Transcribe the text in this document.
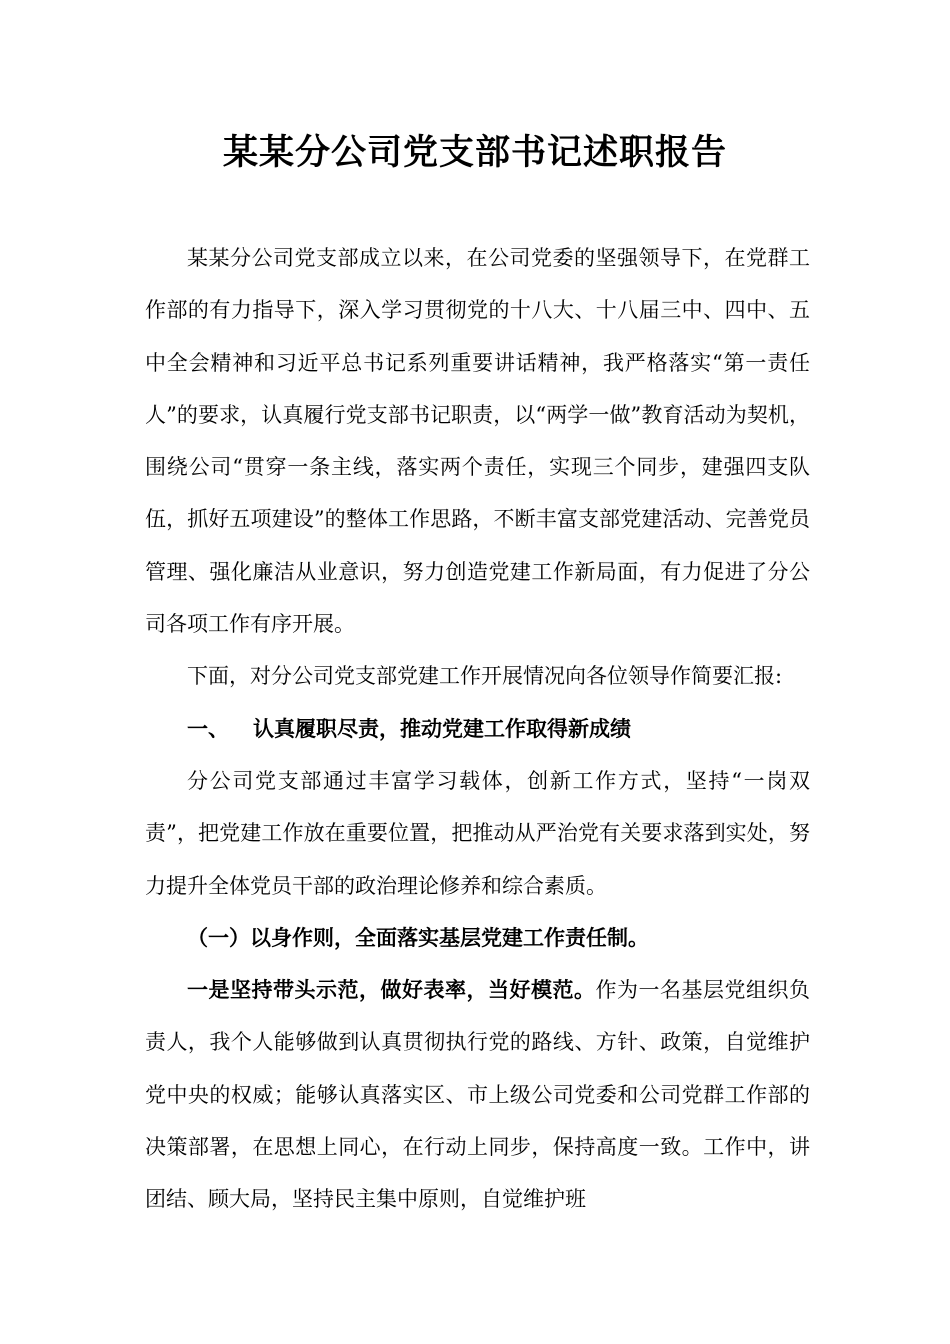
某某分公司党支部书记述职报告

某某分公司党支部成立以来，在公司党委的坚强领导下，在党群工作部的有力指导下，深入学习贯彻党的十八大、十八届三中、四中、五中全会精神和习近平总书记系列重要讲话精神，我严格落实“第一责任人”的要求，认真履行党支部书记职责，以“两学一做”教育活动为契机，围绕公司“贯穿一条主线，落实两个责任，实现三个同步，建强四支队伍，抓好五项建设”的整体工作思路，不断丰富支部党建活动、完善党员管理、强化廉洁从业意识，努力创造党建工作新局面，有力促进了分公司各项工作有序开展。

下面，对分公司党支部党建工作开展情况向各位领导作简要汇报:

一、 认真履职尽责，推动党建工作取得新成绩

分公司党支部通过丰富学习载体，创新工作方式，坚持“一岗双责”，把党建工作放在重要位置，把推动从严治党有关要求落到实处，努力提升全体党员干部的政治理论修养和综合素质。

（一）以身作则，全面落实基层党建工作责任制。

一是坚持带头示范，做好表率，当好模范。作为一名基层党组织负责人，我个人能够做到认真贯彻执行党的路线、方针、政策，自觉维护党中央的权威；能够认真落实区、市上级公司党委和公司党群工作部的决策部署，在思想上同心，在行动上同步，保持高度一致。工作中，讲团结、顾大局，坚持民主集中原则，自觉维护班
